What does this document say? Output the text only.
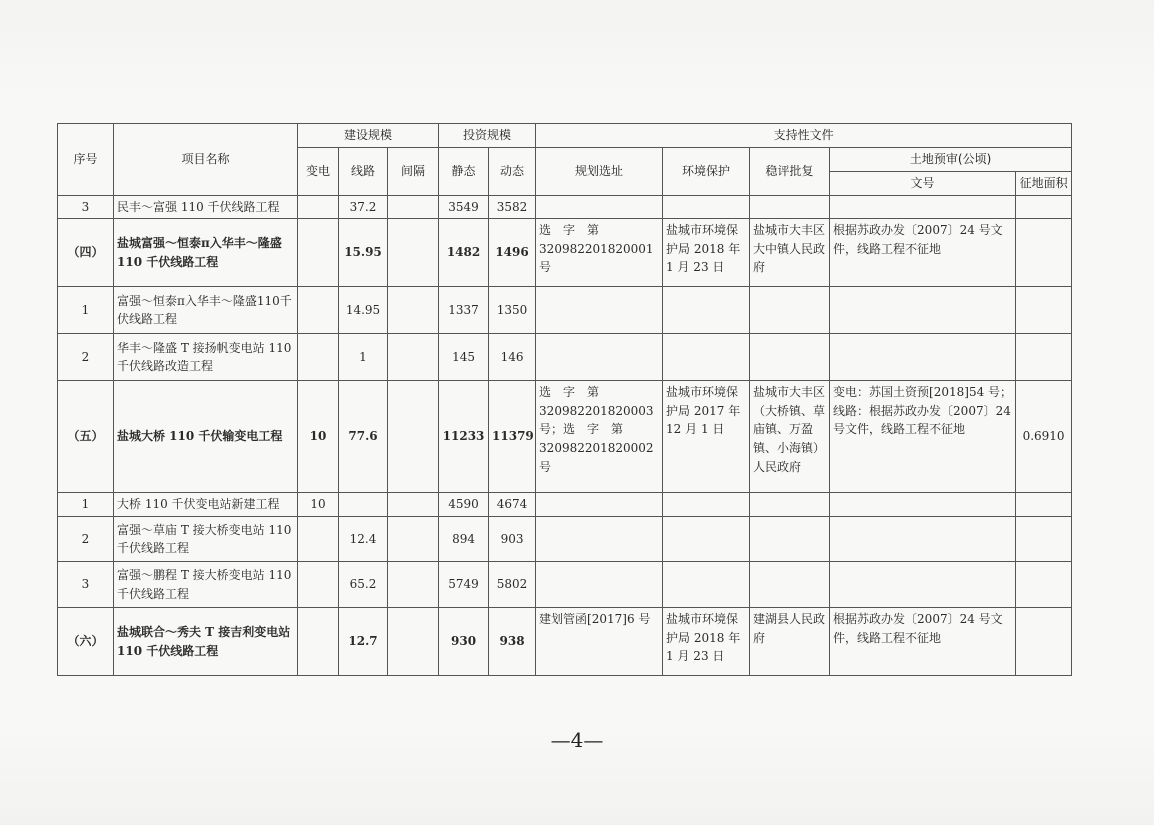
序号	项目名称	建设规模			投资规模		支持性文件				
		变电	线路	间隔	静态	动态	规划选址	环境保护	稳评批复	土地预审(公顷)	
										文号	征地面积
3	民丰～富强 110 千伏线路工程		37.2		3549	3582					
（四）	盐城富强～恒泰π入华丰～隆盛110 千伏线路工程		15.95		1482	1496	选　字　第320982201820001 号	盐城市环境保护局 2018 年 1 月 23 日	盐城市大丰区大中镇人民政府	根据苏政办发〔2007〕24 号文件，线路工程不征地	
1	富强～恒泰π入华丰～隆盛110千伏线路工程		14.95		1337	1350					
2	华丰～隆盛 T 接扬帆变电站 110 千伏线路改造工程		1		145	146					
（五）	盐城大桥 110 千伏输变电工程	10	77.6		11233	11379	选　字　第320982201820003 号；选　字　第320982201820002 号	盐城市环境保护局 2017 年 12 月 1 日	盐城市大丰区（大桥镇、草庙镇、万盈镇、小海镇）人民政府	变电：苏国土资预[2018]54 号；线路：根据苏政办发〔2007〕24 号文件，线路工程不征地	0.6910
1	大桥 110 千伏变电站新建工程	10			4590	4674					
2	富强～草庙 T 接大桥变电站 110 千伏线路工程		12.4		894	903					
3	富强～鹏程 T 接大桥变电站 110 千伏线路工程		65.2		5749	5802					
（六）	盐城联合～秀夫 T 接吉利变电站110 千伏线路工程		12.7		930	938	建划管函[2017]6 号	盐城市环境保护局 2018 年 1 月 23 日	建湖县人民政府	根据苏政办发〔2007〕24 号文件，线路工程不征地	
—4—
